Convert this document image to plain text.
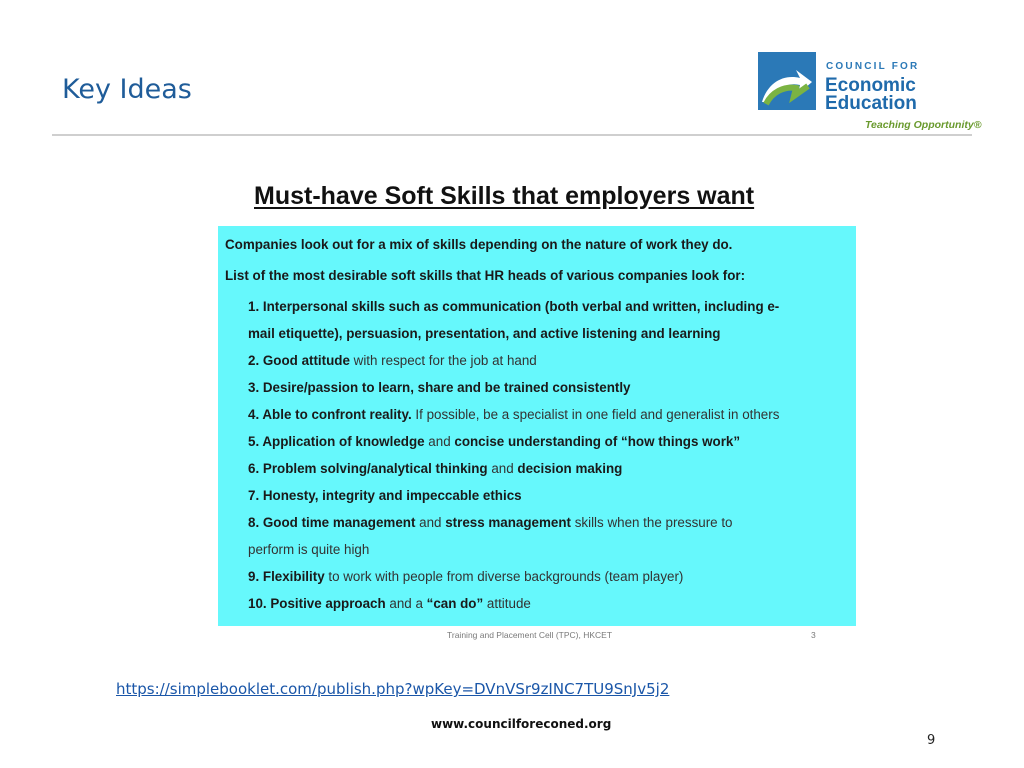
Key Ideas
COUNCIL FOR
Economic
Education
Teaching Opportunity®
Must-have Soft Skills that employers want
Companies look out for a mix of skills depending on the nature of work they do.
List of the most desirable soft skills that HR heads of various companies look for:
1. Interpersonal skills such as communication (both verbal and written, including e-
mail etiquette), persuasion, presentation, and active listening and learning
2. Good attitude with respect for the job at hand
3. Desire/passion to learn, share and be trained consistently
4. Able to confront reality. If possible, be a specialist in one field and generalist in others
5. Application of knowledge and concise understanding of “how things work”
6. Problem solving/analytical thinking and decision making
7. Honesty, integrity and impeccable ethics
8. Good time management and stress management skills when the pressure to
perform is quite high
9. Flexibility to work with people from diverse backgrounds (team player)
10. Positive approach and a “can do” attitude
Training and Placement Cell (TPC), HKCET	3
https://simplebooklet.com/publish.php?wpKey=DVnVSr9zINC7TU9SnJv5j2
www.councilforeconed.org
9
